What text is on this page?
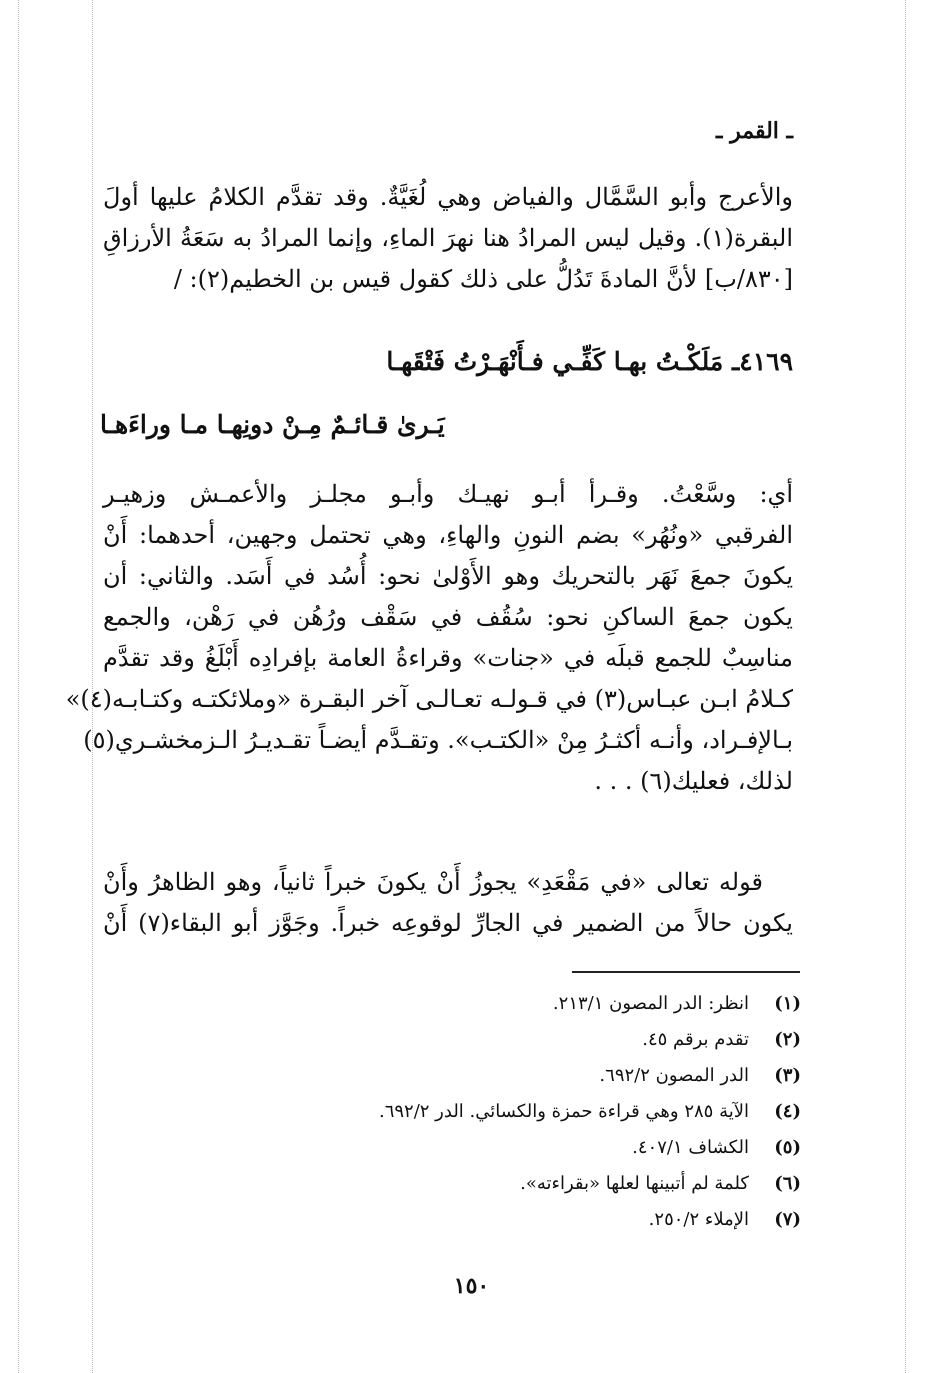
ـ القمر ـ
والأعرج وأبو السَّمَّال والفياض وهي لُغَيَّةٌ. وقد تقدَّم الكلامُ عليها أولَ
البقرة(١). وقيل ليس المرادُ هنا نهرَ الماءِ، وإنما المرادُ به سَعَةُ الأرزاقِ
[٨٣٠/ب] لأنَّ المادةَ تَدُلُّ على ذلك كقول قيس بن الخطيم(٢): /
٤١٦٩ـ مَلَكْـتُ بهـا كَفِّـي فـأَنْهَـرْتُ فَتْقَهـا
يَـرىٰ قـائـمٌ مِـنْ دونِهـا مـا وراءَهـا
أي: وسَّعْتُ. وقـرأ أبـو نهيـك وأبـو مجلـز والأعمـش وزهيـر
الفرقبي «ونُهُر» بضم النونِ والهاءِ، وهي تحتمل وجهين، أحدهما: أَنْ
يكونَ جمعَ نَهَر بالتحريك وهو الأَوْلىٰ نحو: أُسُد في أَسَد. والثاني: أن
يكون جمعَ الساكنِ نحو: سُقُف في سَقْف ورُهُن في رَهْن، والجمع
مناسِبٌ للجمع قبلَه في «جنات» وقراءةُ العامة بإفرادِه أَبْلَغُ وقد تقدَّم
كـلامُ ابـن عبـاس(٣) في قـولـه تعـالـى آخر البقـرة «وملائكتـه وكتـابـه(٤)»
بـالإفـراد، وأنـه أكثـرُ مِنْ «الكتـب». وتقـدَّم أيضـاً تقـديـرُ الـزمخشـري(٥)
لذلك، فعليك(٦) . . .
قوله تعالى «في مَقْعَدِ» يجوزُ أَنْ يكونَ خبراً ثانياً، وهو الظاهرُ وأَنْ
يكون حالاً من الضمير في الجارِّ لوقوعِه خبراً. وجَوَّز أبو البقاء(٧) أَنْ
(١)انظر: الدر المصون ٢١٣/١.
(٢)تقدم برقم ٤٥.
(٣)الدر المصون ٦٩٢/٢.
(٤)الآية ٢٨٥ وهي قراءة حمزة والكسائي. الدر ٦٩٢/٢.
(٥)الكشاف ٤٠٧/١.
(٦)كلمة لم أتبينها لعلها «بقراءته».
(٧)الإملاء ٢٥٠/٢.
١٥٠
